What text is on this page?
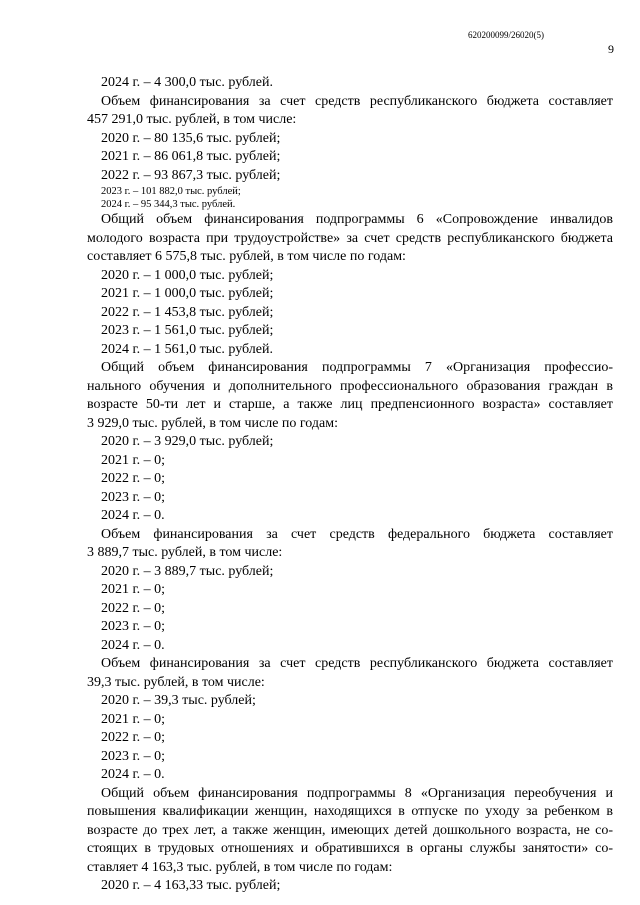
620200099/26020(5)
9

2024 г. – 4 300,0 тыс. рублей.

Объем финансирования за счет средств республиканского бюджета составляет

457 291,0 тыс. рублей, в том числе:

2020 г. – 80 135,6 тыс. рублей;

2021 г. – 86 061,8 тыс. рублей;

2022 г. – 93 867,3 тыс. рублей;

2023 г. – 101 882,0 тыс. рублей;

2024 г. – 95 344,3 тыс. рублей.

Общий объем финансирования подпрограммы 6 «Сопровождение инвалидов

молодого возраста при трудоустройстве» за счет средств республиканского бюджета

составляет 6 575,8 тыс. рублей, в том числе по годам:

2020 г. – 1 000,0 тыс. рублей;

2021 г. – 1 000,0 тыс. рублей;

2022 г. – 1 453,8 тыс. рублей;

2023 г. – 1 561,0 тыс. рублей;

2024 г. – 1 561,0 тыс. рублей.

Общий объем финансирования подпрограммы 7 «Организация профессио-

нального обучения и дополнительного профессионального образования граждан в

возрасте 50-ти лет и старше, а также лиц предпенсионного возраста» составляет

3 929,0 тыс. рублей, в том числе по годам:

2020 г. – 3 929,0 тыс. рублей;

2021 г. – 0;

2022 г. – 0;

2023 г. – 0;

2024 г. – 0.

Объем финансирования за счет средств федерального бюджета составляет

3 889,7 тыс. рублей, в том числе:

2020 г. – 3 889,7 тыс. рублей;

2021 г. – 0;

2022 г. – 0;

2023 г. – 0;

2024 г. – 0.

Объем финансирования за счет средств республиканского бюджета составляет

39,3 тыс. рублей, в том числе:

2020 г. – 39,3 тыс. рублей;

2021 г. – 0;

2022 г. – 0;

2023 г. – 0;

2024 г. – 0.

Общий объем финансирования подпрограммы 8 «Организация переобучения и

повышения квалификации женщин, находящихся в отпуске по уходу за ребенком в

возрасте до трех лет, а также женщин, имеющих детей дошкольного возраста, не со-

стоящих в трудовых отношениях и обратившихся в органы службы занятости» со-

ставляет 4 163,3 тыс. рублей, в том числе по годам:

2020 г. – 4 163,33 тыс. рублей;
